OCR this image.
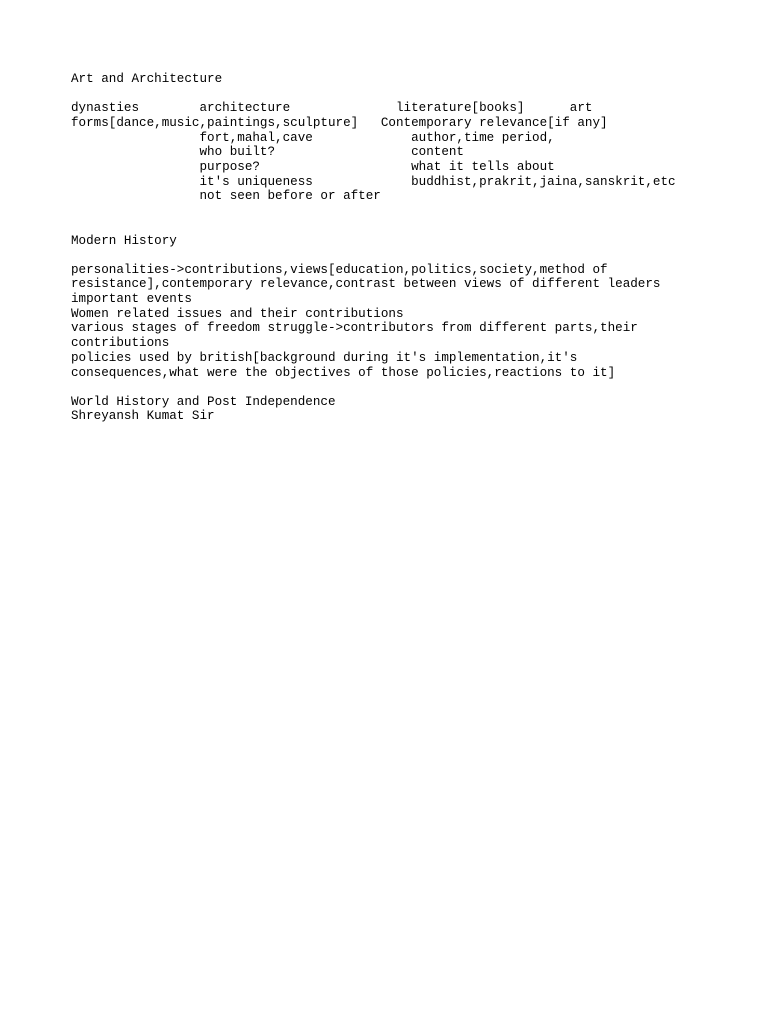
Art and Architecture

dynasties        architecture              literature[books]      art

forms[dance,music,paintings,sculpture]   Contemporary relevance[if any]

fort,mahal,cave             author,time period,

who built?                  content

purpose?                    what it tells about

it's uniqueness             buddhist,prakrit,jaina,sanskrit,etc

not seen before or after

Modern History

personalities->contributions,views[education,politics,society,method of

resistance],contemporary relevance,contrast between views of different leaders

important events

Women related issues and their contributions

various stages of freedom struggle->contributors from different parts,their

contributions

policies used by british[background during it's implementation,it's

consequences,what were the objectives of those policies,reactions to it]

World History and Post Independence

Shreyansh Kumat Sir
